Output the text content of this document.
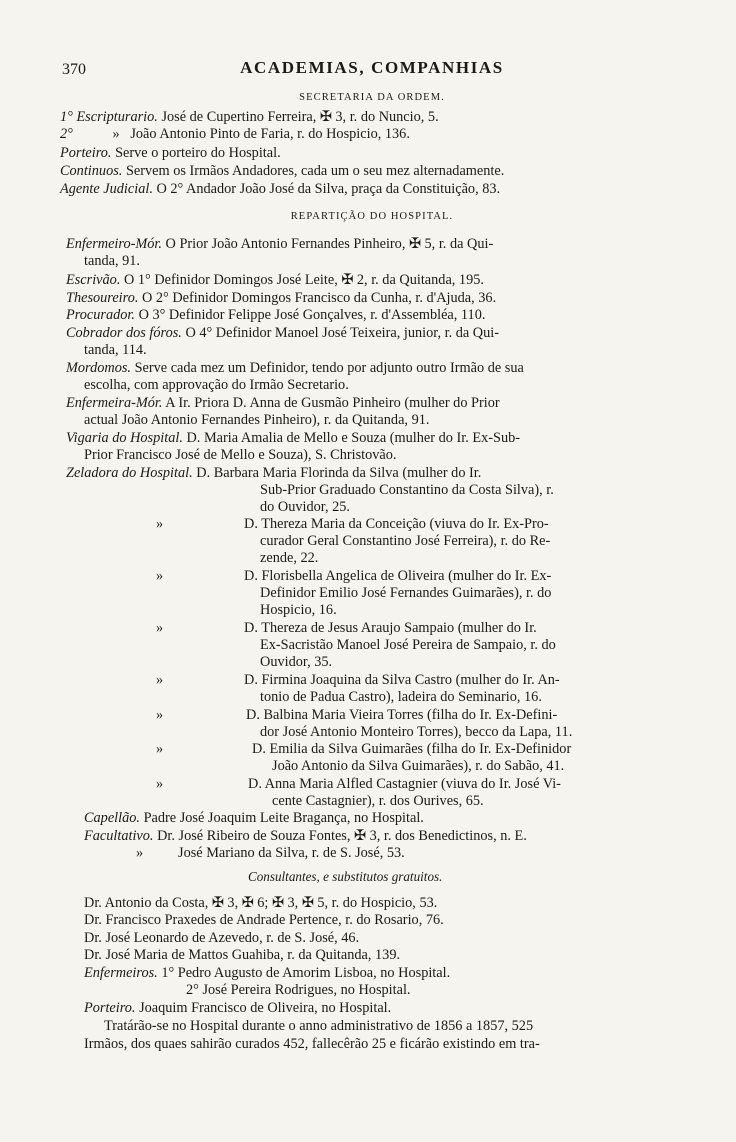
370	ACADEMIAS, COMPANHIAS
SECRETARIA DA ORDEM.
1° Escripturario. José de Cupertino Ferreira, ✠ 3, r. do Nuncio, 5.
2°	»   João Antonio Pinto de Faria, r. do Hospicio, 136.
Porteiro. Serve o porteiro do Hospital.
Continuos. Servem os Irmãos Andadores, cada um o seu mez alternadamente.
Agente Judicial. O 2° Andador João José da Silva, praça da Constituição, 83.
REPARTIÇÃO DO HOSPITAL.
Enfermeiro-Mór. O Prior João Antonio Fernandes Pinheiro, ✠ 5, r. da Qui-
tanda, 91.
Escrivão. O 1° Definidor Domingos José Leite, ✠ 2, r. da Quitanda, 195.
Thesoureiro. O 2° Definidor Domingos Francisco da Cunha, r. d'Ajuda, 36.
Procurador. O 3° Definidor Felippe José Gonçalves, r. d'Assembléa, 110.
Cobrador dos fóros. O 4° Definidor Manoel José Teixeira, junior, r. da Qui-
tanda, 114.
Mordomos. Serve cada mez um Definidor, tendo por adjunto outro Irmão de sua
escolha, com approvação do Irmão Secretario.
Enfermeira-Mór. A Ir. Priora D. Anna de Gusmão Pinheiro (mulher do Prior
actual João Antonio Fernandes Pinheiro), r. da Quitanda, 91.
Vigaria do Hospital. D. Maria Amalia de Mello e Souza (mulher do Ir. Ex-Sub-
Prior Francisco José de Mello e Souza), S. Christovão.
Zeladora do Hospital. D. Barbara Maria Florinda da Silva (mulher do Ir.
Sub-Prior Graduado Constantino da Costa Silva), r.
do Ouvidor, 25.
»	D. Thereza Maria da Conceição (viuva do Ir. Ex-Pro-
curador Geral Constantino José Ferreira), r. do Re-
zende, 22.
»	D. Florisbella Angelica de Oliveira (mulher do Ir. Ex-
Definidor Emilio José Fernandes Guimarães), r. do
Hospicio, 16.
»	D. Thereza de Jesus Araujo Sampaio (mulher do Ir.
Ex-Sacristão Manoel José Pereira de Sampaio, r. do
Ouvidor, 35.
»	D. Firmina Joaquina da Silva Castro (mulher do Ir. An-
tonio de Padua Castro), ladeira do Seminario, 16.
»	D. Balbina Maria Vieira Torres (filha do Ir. Ex-Defini-
dor José Antonio Monteiro Torres), becco da Lapa, 11.
»	D. Emilia da Silva Guimarães (filha do Ir. Ex-Definidor
João Antonio da Silva Guimarães), r. do Sabão, 41.
»	D. Anna Maria Alfled Castagnier (viuva do Ir. José Vi-
cente Castagnier), r. dos Ourives, 65.
Capellão. Padre José Joaquim Leite Bragança, no Hospital.
Facultativo. Dr. José Ribeiro de Souza Fontes, ✠ 3, r. dos Benedictinos, n. E.
» José Mariano da Silva, r. de S. José, 53.
Consultantes, e substitutos gratuitos.
Dr. Antonio da Costa, ✠ 3, ✠ 6; ✠ 3, ✠ 5, r. do Hospicio, 53.
Dr. Francisco Praxedes de Andrade Pertence, r. do Rosario, 76.
Dr. José Leonardo de Azevedo, r. de S. José, 46.
Dr. José Maria de Mattos Guahiba, r. da Quitanda, 139.
Enfermeiros. 1° Pedro Augusto de Amorim Lisboa, no Hospital.
2° José Pereira Rodrigues, no Hospital.
Porteiro. Joaquim Francisco de Oliveira, no Hospital.
Tratárão-se no Hospital durante o anno administrativo de 1856 a 1857, 525
Irmãos, dos quaes sahirão curados 452, fallecêrão 25 e ficárão existindo em tra-
